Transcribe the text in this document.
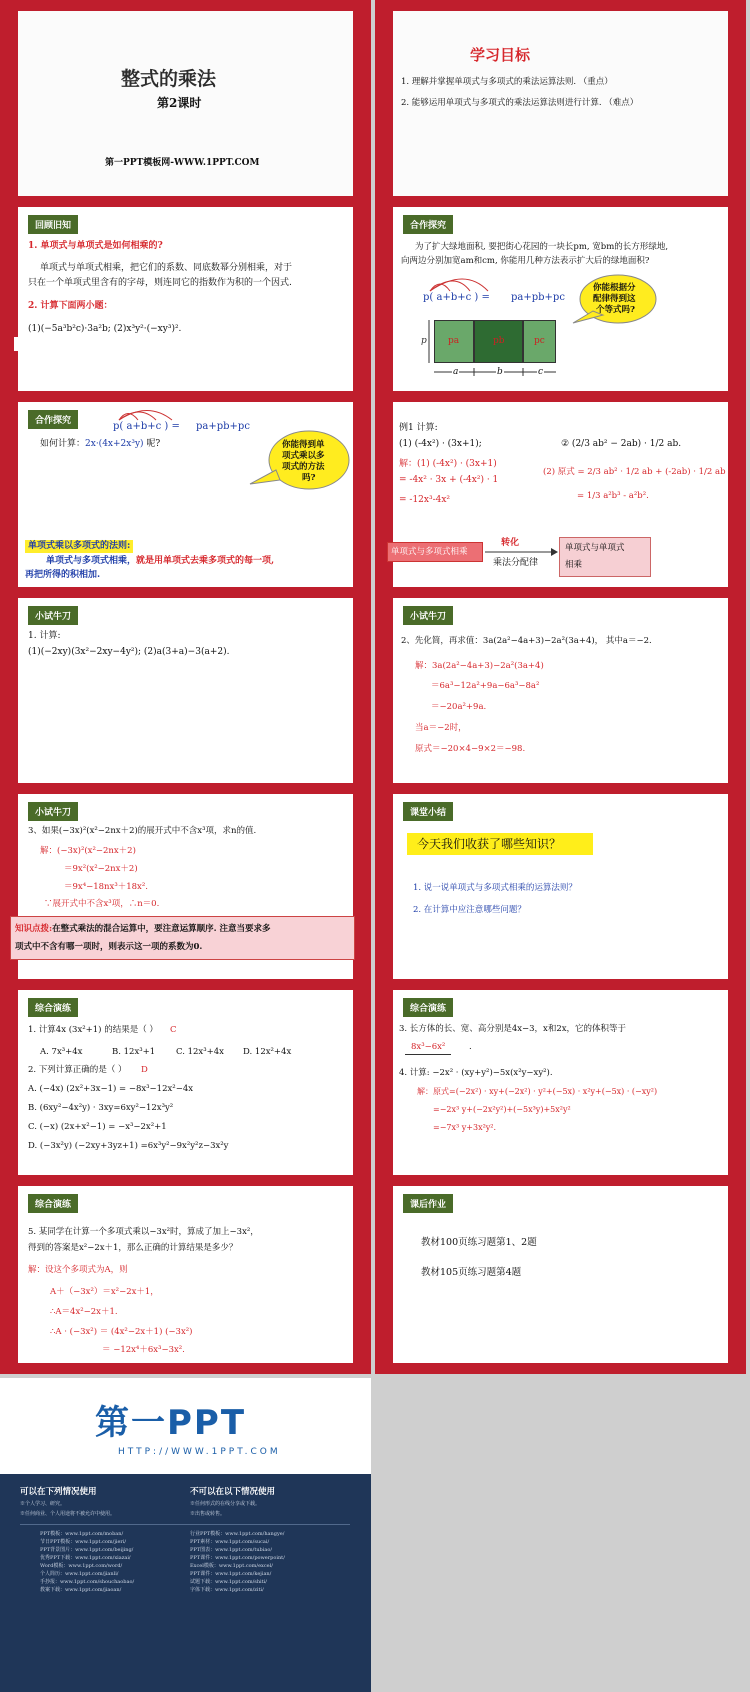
整式的乘法
第2课时
第一PPT模板网-WWW.1PPT.COM
学习目标
1. 理解并掌握单项式与多项式的乘法运算法则. （重点）
2. 能够运用单项式与多项式的乘法运算法则进行计算. （难点）
回顾旧知
1. 单项式与单项式是如何相乘的?
单项式与单项式相乘，把它们的系数、同底数幂分别相乘，对于
只在一个单项式里含有的字母，则连同它的指数作为积的一个因式.
2. 计算下面两小题：
(1)(−5a³b²c)·3a²b; (2)x³y²·(−xy³)².
合作探究
为了扩大绿地面积, 要把街心花园的一块长pm, 宽bm的长方形绿地,
向两边分别加宽am和cm, 你能用几种方法表示扩大后的绿地面积?
p( a+b+c ) = pa+pb+pc
你能根据分
配律得到这
个等式吗?
pa	pb	pc
p
a	b	c
合作探究	p( a+b+c ) = pa+pb+pc
如何计算：2x·(4x+2x³y) 呢?	你能得到单
项式乘以多
项式的方法
吗?
单项式乘以多项式的法则:
单项式与多项式相乘，就是用单项式去乘多项式的每一项,
再把所得的积相加.
例1 计算:
(1) (-4x²) · (3x+1);	② (2/3 ab² − 2ab) · 1/2 ab.
解：(1) (-4x²) · (3x+1)
= -4x² · 3x + (-4x²) · 1
= -12x³-4x²
(2) 原式 = 2/3 ab² · 1/2 ab + (-2ab) · 1/2 ab
= 1/3 a²b³ - a²b².
单项式与多项式相乘
转化
乘法分配律
单项式与单项式
相乘
小试牛刀
1. 计算:
(1)(−2xy)(3x²−2xy−4y²); (2)a(3+a)−3(a+2).
小试牛刀
2、先化简，再求值：3a(2a²−4a+3)−2a²(3a+4)， 其中a＝−2.
解：3a(2a²−4a+3)−2a²(3a+4)
＝6a³−12a²+9a−6a³−8a²
＝−20a²+9a.
当a＝−2时，
原式＝−20×4−9×2＝−98.
小试牛刀
3、如果(−3x)²(x²−2nx＋2)的展开式中不含x³项，求n的值.
解：(−3x)²(x²−2nx＋2)
＝9x²(x²−2nx＋2)
＝9x⁴−18nx³＋18x².
∵展开式中不含x³项，∴n＝0.
知识点拨:在整式乘法的混合运算中，要注意运算顺序. 注意当要求多
项式中不含有哪一项时，则表示这一项的系数为0.
课堂小结
今天我们收获了哪些知识？
1. 说一说单项式与多项式相乘的运算法则？
2. 在计算中应注意哪些问题？
综合演练
1. 计算4x (3x²+1) 的结果是（ ） C
A. 7x³+4x	B. 12x³+1 C. 12x³+4x D. 12x²+4x
2. 下列计算正确的是（ ） D
A. (−4x) (2x²+3x−1) = −8x³−12x²−4x
B. (6xy²−4x²y) · 3xy=6xy²−12x³y²
C. (−x) (2x+x²−1) = −x³−2x²+1
D. (−3x²y) (−2xy+3yz+1) =6x³y²−9x²y²z−3x²y
综合演练
3. 长方体的长、宽、高分别是4x−3，x和2x，它的体积等于
8x³−6x²	.
4. 计算: −2x² · (xy+y²)−5x(x²y−xy²).
解：原式=(−2x²) · xy+(−2x²) · y²+(−5x) · x²y+(−5x) · (−xy²)
=−2x³ y+(−2x²y²)+(−5x³y)+5x²y²
=−7x³ y+3x²y².
综合演练
5. 某同学在计算一个多项式乘以−3x²时，算成了加上−3x²，
得到的答案是x²−2x＋1，那么正确的计算结果是多少？
解：设这个多项式为A，则
A＋（−3x²）＝x²−2x＋1，
∴A＝4x²−2x＋1.
∴A · (−3x²) ＝ (4x²−2x＋1) (−3x²)
＝ −12x⁴＋6x³−3x².
课后作业
教材100页练习题第1、2题
教材105页练习题第4题
第一PPT
HTTP://WWW.1PPT.COM
可以在下列情况使用	不可以在以下情况使用
※个人学习、研究。
※任何商业、个人用途将不被允许中使用。
※任何形式的在线分享或下载。
※出售或转售。
PPT模板：www.1ppt.com/moban/
节日PPT模板：www.1ppt.com/jieri/
PPT背景图片：www.1ppt.com/beijing/
优秀PPT下载：www.1ppt.com/xiazai/
Word模板：www.1ppt.com/word/
个人简历：www.1ppt.com/jianli/
手抄报：www.1ppt.com/shouchaobao/
教案下载：www.1ppt.com/jiaoan/
行业PPT模板：www.1ppt.com/hangye/
PPT素材：www.1ppt.com/sucai/
PPT图表：www.1ppt.com/tubiao/
PPT课件：www.1ppt.com/powerpoint/
Excel模板：www.1ppt.com/excel/
PPT课件：www.1ppt.com/kejian/
试题下载：www.1ppt.com/shiti/
字体下载：www.1ppt.com/ziti/
